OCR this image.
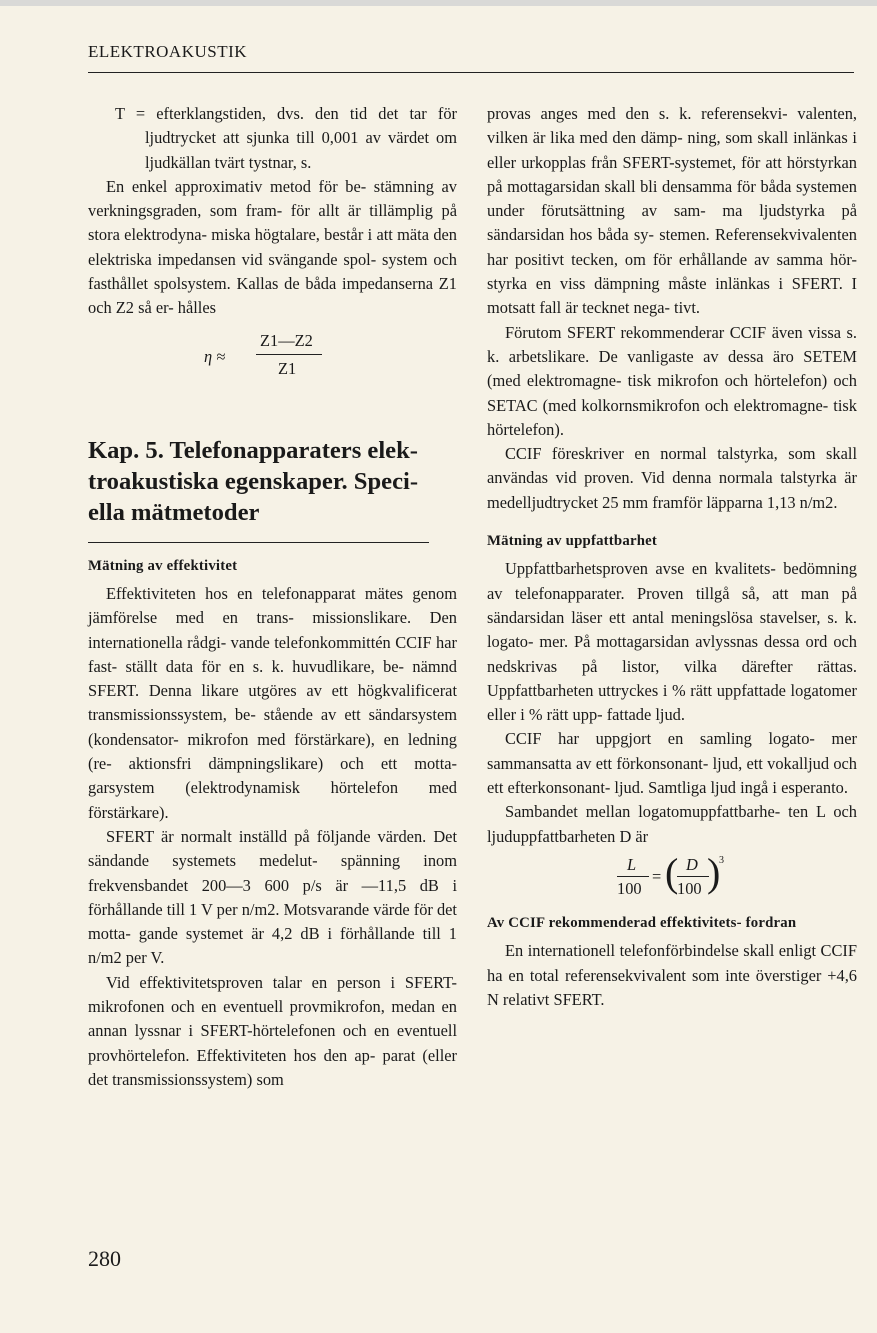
ELEKTROAKUSTIK

T = efterklangstiden, dvs. den tid det tar för ljudtrycket att sjunka till 0,001 av värdet om ljudkällan tvärt tystnar, s.

En enkel approximativ metod för be- stämning av verkningsgraden, som fram- för allt är tillämplig på stora elektrodyna- miska högtalare, består i att mäta den elektriska impedansen vid svängande spol- system och fasthållet spolsystem. Kallas de båda impedanserna Z1 och Z2 så er- hålles

η ≈
Z1—Z2
Z1

Kap. 5. Telefonapparaters elek- troakustiska egenskaper. Speci- ella mätmetoder

Mätning av effektivitet

Effektiviteten hos en telefonapparat mätes genom jämförelse med en trans- missionslikare. Den internationella rådgi- vande telefonkommittén CCIF har fast- ställt data för en s. k. huvudlikare, be- nämnd SFERT. Denna likare utgöres av ett högkvalificerat transmissionssystem, be- stående av ett sändarsystem (kondensator- mikrofon med förstärkare), en ledning (re- aktionsfri dämpningslikare) och ett motta- garsystem (elektrodynamisk hörtelefon med förstärkare).

SFERT är normalt inställd på följande värden. Det sändande systemets medelut- spänning inom frekvensbandet 200—3 600 p/s är —11,5 dB i förhållande till 1 V per n/m2. Motsvarande värde för det motta- gande systemet är 4,2 dB i förhållande till 1 n/m2 per V.

Vid effektivitetsproven talar en person i SFERT-mikrofonen och en eventuell provmikrofon, medan en annan lyssnar i SFERT-hörtelefonen och en eventuell provhörtelefon. Effektiviteten hos den ap- parat (eller det transmissionssystem) som

provas anges med den s. k. referensekvi- valenten, vilken är lika med den dämp- ning, som skall inlänkas i eller urkopplas från SFERT-systemet, för att hörstyrkan på mottagarsidan skall bli densamma för båda systemen under förutsättning av sam- ma ljudstyrka på sändarsidan hos båda sy- stemen. Referensekvivalenten har positivt tecken, om för erhållande av samma hör- styrka en viss dämpning måste inlänkas i SFERT. I motsatt fall är tecknet nega- tivt.

Förutom SFERT rekommenderar CCIF även vissa s. k. arbetslikare. De vanligaste av dessa äro SETEM (med elektromagne- tisk mikrofon och hörtelefon) och SETAC (med kolkornsmikrofon och elektromagne- tisk hörtelefon).

CCIF föreskriver en normal talstyrka, som skall användas vid proven. Vid denna normala talstyrka är medelljudtrycket 25 mm framför läpparna 1,13 n/m2.

Mätning av uppfattbarhet

Uppfattbarhetsproven avse en kvalitets- bedömning av telefonapparater. Proven tillgå så, att man på sändarsidan läser ett antal meningslösa stavelser, s. k. logato- mer. På mottagarsidan avlyssnas dessa ord och nedskrivas på listor, vilka därefter rättas. Uppfattbarheten uttryckes i % rätt uppfattade logatomer eller i % rätt upp- fattade ljud.

CCIF har uppgjort en samling logato- mer sammansatta av ett förkonsonant- ljud, ett vokalljud och ett efterkonsonant- ljud. Samtliga ljud ingå i esperanto.

Sambandet mellan logatomuppfattbarhe- ten L och ljuduppfattbarheten D är

L
100
= ( D
100 )
3

Av CCIF rekommenderad effektivitets- fordran

En internationell telefonförbindelse skall enligt CCIF ha en total referensekvivalent som inte överstiger +4,6 N relativt SFERT.

280
